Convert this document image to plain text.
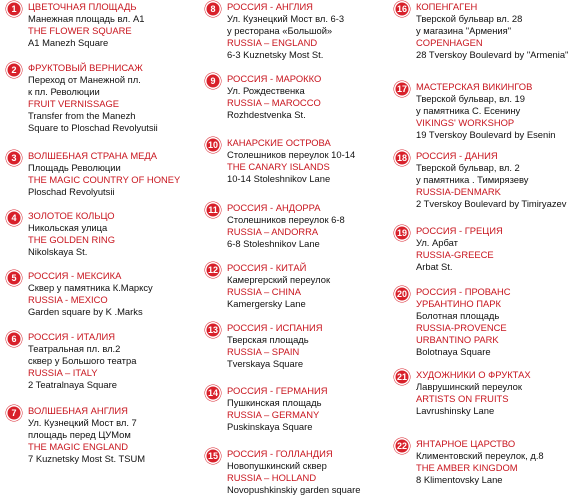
1	ЦВЕТОЧНАЯ ПЛОЩАДЬ
Манежная площадь вл. А1
THE FLOWER SQUARE
A1 Manezh Square
2	ФРУКТОВЫЙ ВЕРНИСАЖ
Переход от Манежной пл.
к пл. Революции
FRUIT VERNISSAGE
Transfer from the Manezh
Square to Ploschad Revolyutsii
3	ВОЛШЕБНАЯ СТРАНА МЕДА
Площадь Революции
THE MAGIC COUNTRY OF HONEY
Ploschad Revolyutsii
4	ЗОЛОТОЕ КОЛЬЦО
Никольская улица
THE GOLDEN RING
Nikolskaya St.
5	РОССИЯ - МЕКСИКА
Сквер у памятника К.Марксу
RUSSIA - MEXICO
Garden square by K .Marks
6	РОССИЯ - ИТАЛИЯ
Театральная пл. вл.2
сквер у Большого театра
RUSSIA – ITALY
2 Teatralnaya Square
7	ВОЛШЕБНАЯ АНГЛИЯ
Ул. Кузнецкий Мост вл. 7
площадь перед ЦУМом
THE MAGIC ENGLAND
7 Kuznetsky Most St. TSUM
8	РОССИЯ - АНГЛИЯ
Ул. Кузнецкий Мост вл. 6-3
у ресторана «Большой»
RUSSIA – ENGLAND
6-3 Kuznetsky Most St.
9	РОССИЯ - МАРОККО
Ул. Рождественка
RUSSIA – MAROCCO
Rozhdestvenka St.
10 КАНАРСКИЕ ОСТРОВА
Столешников переулок 10-14
THE CANARY ISLANDS
10-14 Stoleshnikov Lane
11 РОССИЯ - АНДОРРА
Столешников переулок 6-8
RUSSIA – ANDORRA
6-8 Stoleshnikov Lane
12 РОССИЯ - КИТАЙ
Камергерский переулок
RUSSIA – CHINA
Kamergersky Lane
13 РОССИЯ - ИСПАНИЯ
Тверская площадь
RUSSIA – SPAIN
Tverskaya Square
14 РОССИЯ - ГЕРМАНИЯ
Пушкинская площадь
RUSSIA – GERMANY
Puskinskaya Square
15 РОССИЯ - ГОЛЛАНДИЯ
Новопушкинский сквер
RUSSIA – HOLLAND
Novopushkinskiy garden square
16 КОПЕНГАГЕН
Тверской бульвар вл. 28
у магазина "Армения"
COPENHAGEN
28 Tverskoy Boulevard by "Armenia"
17 МАСТЕРСКАЯ ВИКИНГОВ
Тверской бульвар, вл. 19
у памятника С. Есенину
VIKINGS' WORKSHOP
19 Tverskoy Boulevard by Esenin
18 РОССИЯ - ДАНИЯ
Тверской бульвар, вл. 2
у памятника . Тимирязеву
RUSSIA-DENMARK
2 Tverskoy Boulevard by Timiryazev
19 РОССИЯ - ГРЕЦИЯ
Ул. Арбат
RUSSIA-GREECE
Arbat St.
20 РОССИЯ - ПРОВАНС
УРБАНТИНО ПАРК
Болотная площадь
RUSSIA-PROVENCE
URBANTINO PARK
Bolotnaya Square
21 ХУДОЖНИКИ О ФРУКТАХ
Лаврушинский переулок
ARTISTS ON FRUITS
Lavrushinsky Lane
22 ЯНТАРНОЕ ЦАРСТВО
Климентовский переулок, д.8
THE AMBER KINGDOM
8 Klimentovsky Lane
